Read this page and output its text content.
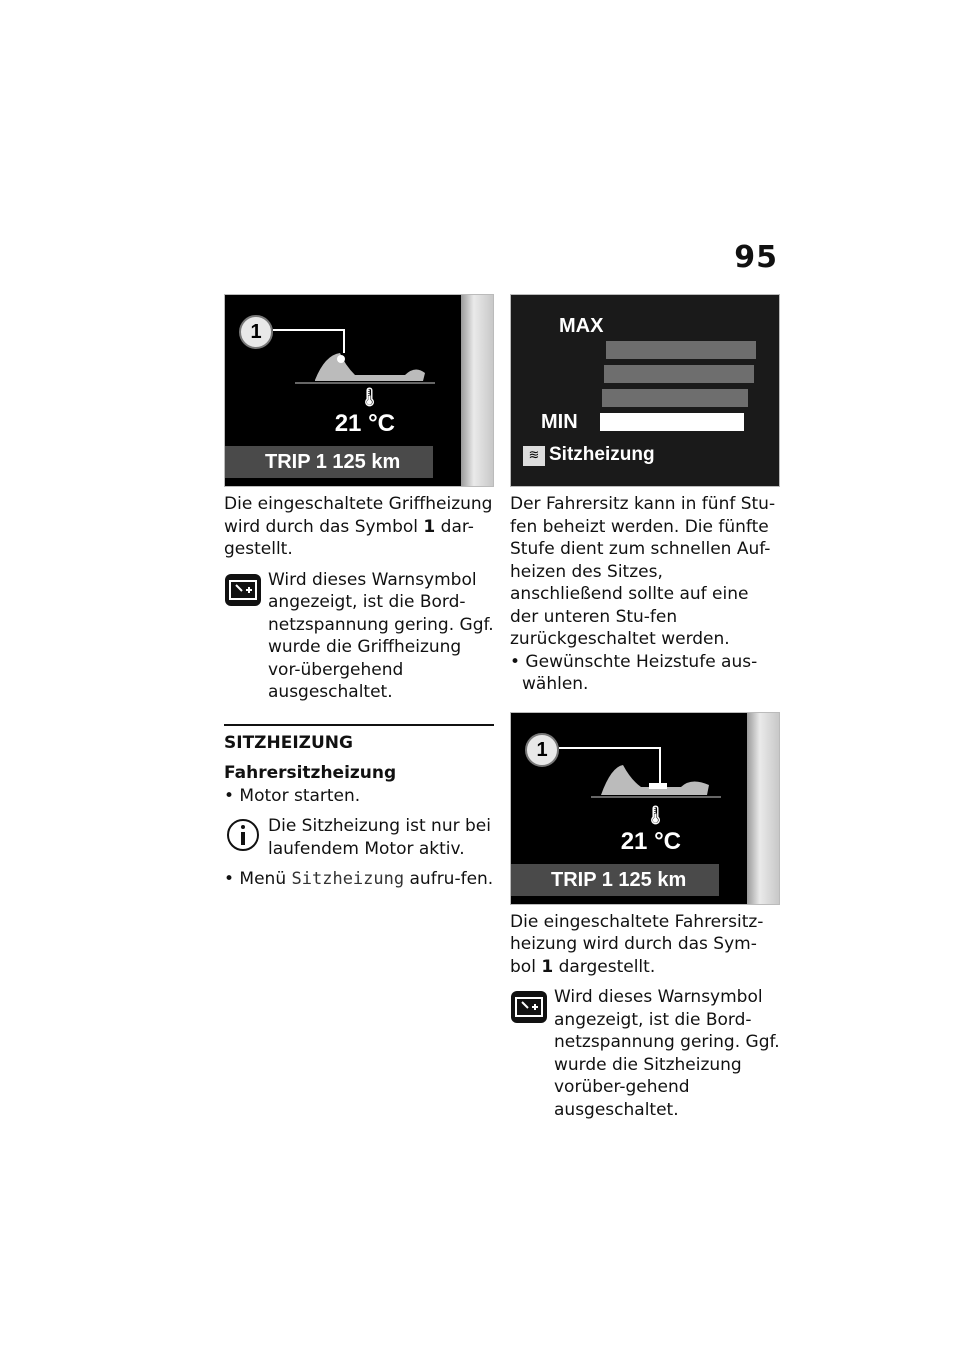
95
1
🌡
21 °C
TRIP 1 125 km

Die eingeschaltete Griffheizung wird durch das Symbol 1 dar-gestellt.

Wird dieses Warnsymbol angezeigt, ist die Bord-netzspannung gering. Ggf. wurde die Griffheizung vor-übergehend ausgeschaltet.
SITZHEIZUNG
Fahrersitzheizung
• Motor starten.
Die Sitzheizung ist nur bei laufendem Motor aktiv.
• Menü Sitzheizung aufru-fen.
MAX
MIN
≋ Sitzheizung

Der Fahrersitz kann in fünf Stu-fen beheizt werden. Die fünfte Stufe dient zum schnellen Auf-heizen des Sitzes, anschließend sollte auf eine der unteren Stu-fen zurückgeschaltet werden.

• Gewünschte Heizstufe aus-wählen.
1
🌡
21 °C
TRIP 1 125 km

Die eingeschaltete Fahrersitz-heizung wird durch das Sym-bol 1 dargestellt.

Wird dieses Warnsymbol angezeigt, ist die Bord-netzspannung gering. Ggf. wurde die Sitzheizung vorüber-gehend ausgeschaltet.
